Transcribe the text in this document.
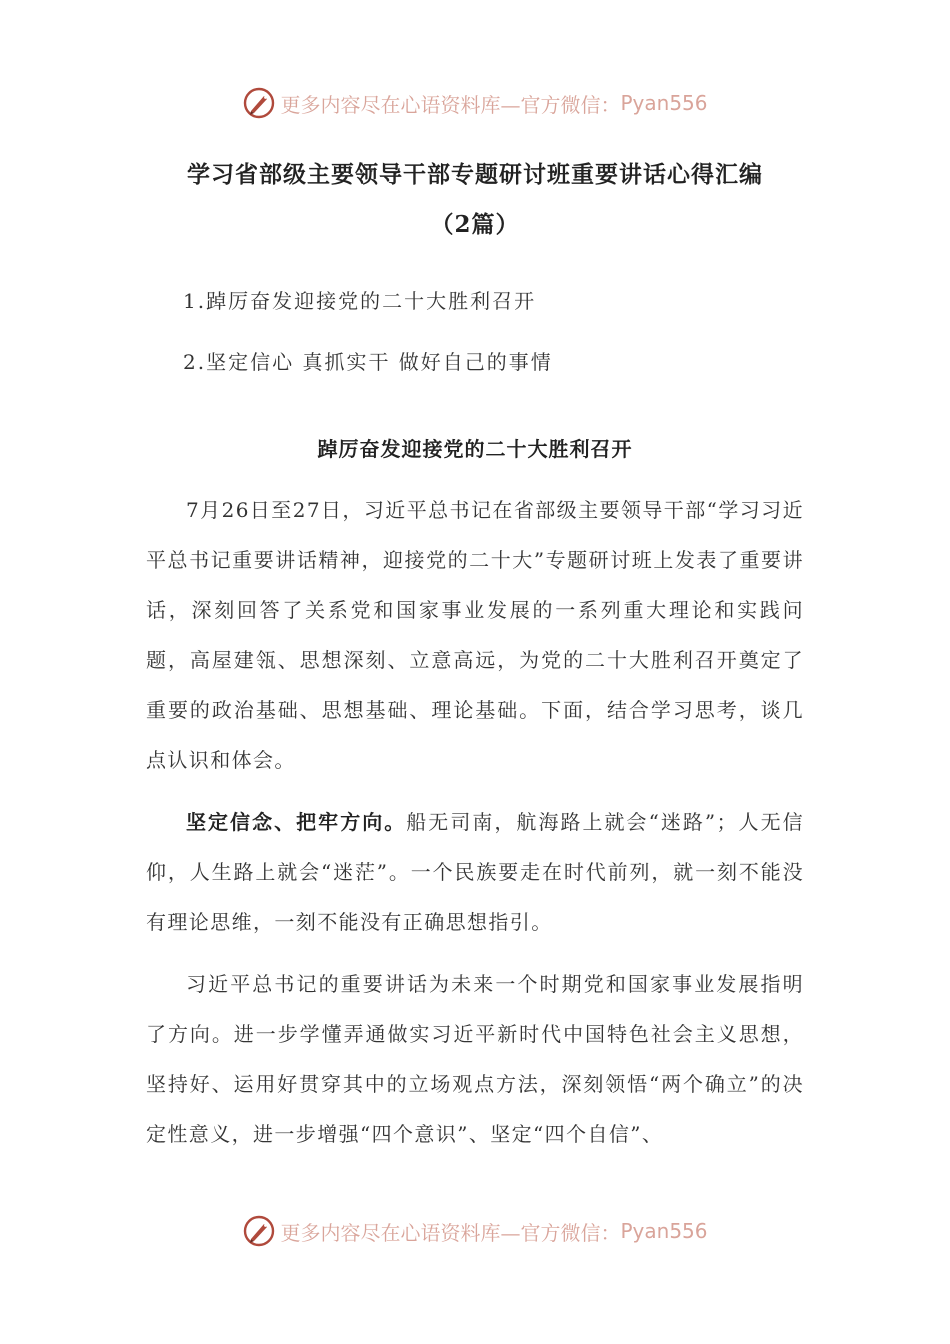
更多内容尽在心语资料库— 官方微信： Pyan556
学习省部级主要领导干部专题研讨班重要讲话心得汇编
（2篇）
1.踔厉奋发迎接党的二十大胜利召开
2.坚定信心 真抓实干 做好自己的事情
踔厉奋发迎接党的二十大胜利召开

7月26日至27日，习近平总书记在省部级主要领导干部“学习习近平总书记重要讲话精神，迎接党的二十大”专题研讨班上发表了重要讲话，深刻回答了关系党和国家事业发展的一系列重大理论和实践问题，高屋建瓴、思想深刻、立意高远，为党的二十大胜利召开奠定了重要的政治基础、思想基础、理论基础。下面，结合学习思考，谈几点认识和体会。

坚定信念、把牢方向。船无司南，航海路上就会“迷路”；人无信仰，人生路上就会“迷茫”。一个民族要走在时代前列，就一刻不能没有理论思维，一刻不能没有正确思想指引。

习近平总书记的重要讲话为未来一个时期党和国家事业发展指明了方向。进一步学懂弄通做实习近平新时代中国特色社会主义思想，坚持好、运用好贯穿其中的立场观点方法，深刻领悟“两个确立”的决定性意义，进一步增强“四个意识”、坚定“四个自信”、

更多内容尽在心语资料库— 官方微信： Pyan556
